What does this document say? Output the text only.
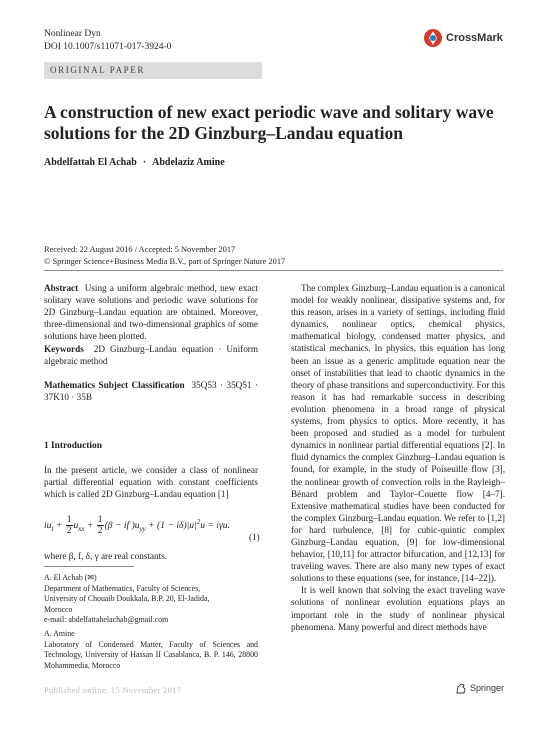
Nonlinear Dyn
DOI 10.1007/s11071-017-3924-0
CrossMark
ORIGINAL PAPER
A construction of new exact periodic wave and solitary wave solutions for the 2D Ginzburg–Landau equation
Abdelfattah El Achab · Abdelaziz Amine
Received: 22 August 2016 / Accepted: 5 November 2017
© Springer Science+Business Media B.V., part of Springer Nature 2017

Abstract Using a uniform algebraic method, new exact solitary wave solutions and periodic wave solutions for 2D Ginzburg–Landau equation are obtained. Moreover, three-dimensional and two-dimensional graphics of some solutions have been plotted.

Keywords 2D Ginzburg–Landau equation · Uniform algebraic method

Mathematics Subject Classification 35Q53 · 35Q51 · 37K10 · 35B

1 Introduction
In the present article, we consider a class of nonlinear partial differential equation with constant coefficients which is called 2D Ginzburg–Landau equation [1]
$iu_t + \frac{1}{2} u_{xx} + \frac{1}{2} (\beta$ − if )$u_{yy} + (1 - i\delta)|u|^2u = i\gamma u$.
(1)
where β, f, δ, γ are real constants.
A. El Achab (✉)
Department of Mathematics, Faculty of Sciences,
University of Chouaib Doukkala, B.P. 20, El-Jadida,
Morocco
e-mail: abdelfattahelachab@gmail.com
A. Amine
Laboratory of Condensed Matter, Faculty of Sciences and Technology, University of Hassan II Casablanca, B. P. 146, 28800 Mohammedia, Morocco

The complex Ginzburg–Landau equation is a canonical model for weakly nonlinear, dissipative systems and, for this reason, arises in a variety of settings, including fluid dynamics, nonlinear optics, chemical physics, mathematical biology, condensed matter physics, and statistical mechanics. In physics, this equation has long been an issue as a generic amplitude equation near the onset of instabilities that lead to chaotic dynamics in the theory of phase transitions and superconductivity. For this reason it has had remarkable success in describing evolution phenomena in a broad range of physical systems, from physics to optics. More recently, it has been proposed and studied as a model for turbulent dynamics in nonlinear partial differential equations [2]. In fluid dynamics the complex Ginzburg–Landau equation is found, for example, in the study of Poiseuille flow [3], the nonlinear growth of convection rolls in the Rayleigh–Bénard problem and Taylor–Couette flow [4–7]. Extensive mathematical studies have been conducted for the complex Ginzburg–Landau equation. We refer to [1,2] for hard turbulence, [8] for cubic-quintic complex Ginzburg–Landau equation, [9] for low-dimensional behavior, [10,11] for attractor bifurcation, and [12,13] for traveling waves. There are also many new types of exact solutions to these equations (see, for instance, [14–22]).

It is well known that solving the exact traveling wave solutions of nonlinear evolution equations plays an important role in the study of nonlinear physical phenomena. Many powerful and direct methods have

Published online: 15 November 2017	Springer
